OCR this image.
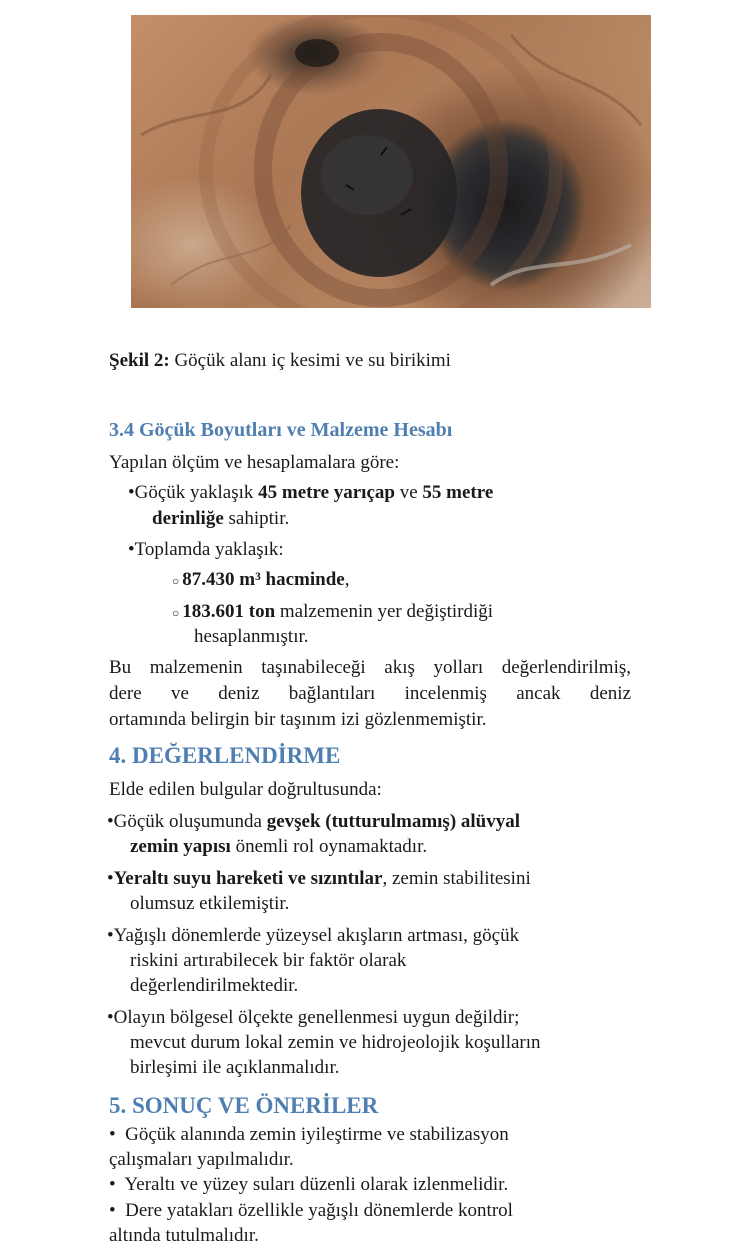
Şekil 2: Göçük alanı iç kesimi ve su birikimi
3.4 Göçük Boyutları ve Malzeme Hesabı
Yapılan ölçüm ve hesaplamalara göre:
•Göçük yaklaşık 45 metre yarıçap ve 55 metre
derinliğe sahiptir.
•Toplamda yaklaşık:
○ 87.430 m³ hacminde,
○ 183.601 ton malzemenin yer değiştirdiği
hesaplanmıştır.
Bu malzemenin taşınabileceği akış yolları değerlendirilmiş,
dere ve deniz bağlantıları incelenmiş ancak deniz
ortamında belirgin bir taşınım izi gözlenmemiştir.
4. DEĞERLENDİRME
Elde edilen bulgular doğrultusunda:
•Göçük oluşumunda gevşek (tutturulmamış) alüvyal
zemin yapısı önemli rol oynamaktadır.
•Yeraltı suyu hareketi ve sızıntılar, zemin stabilitesini
olumsuz etkilemiştir.
•Yağışlı dönemlerde yüzeysel akışların artması, göçük
riskini artırabilecek bir faktör olarak
değerlendirilmektedir.
•Olayın bölgesel ölçekte genellenmesi uygun değildir;
mevcut durum lokal zemin ve hidrojeolojik koşulların
birleşimi ile açıklanmalıdır.
5. SONUÇ VE ÖNERİLER
•  Göçük alanında zemin iyileştirme ve stabilizasyon
çalışmaları yapılmalıdır.
•  Yeraltı ve yüzey suları düzenli olarak izlenmelidir.
•  Dere yatakları özellikle yağışlı dönemlerde kontrol
altında tutulmalıdır.
